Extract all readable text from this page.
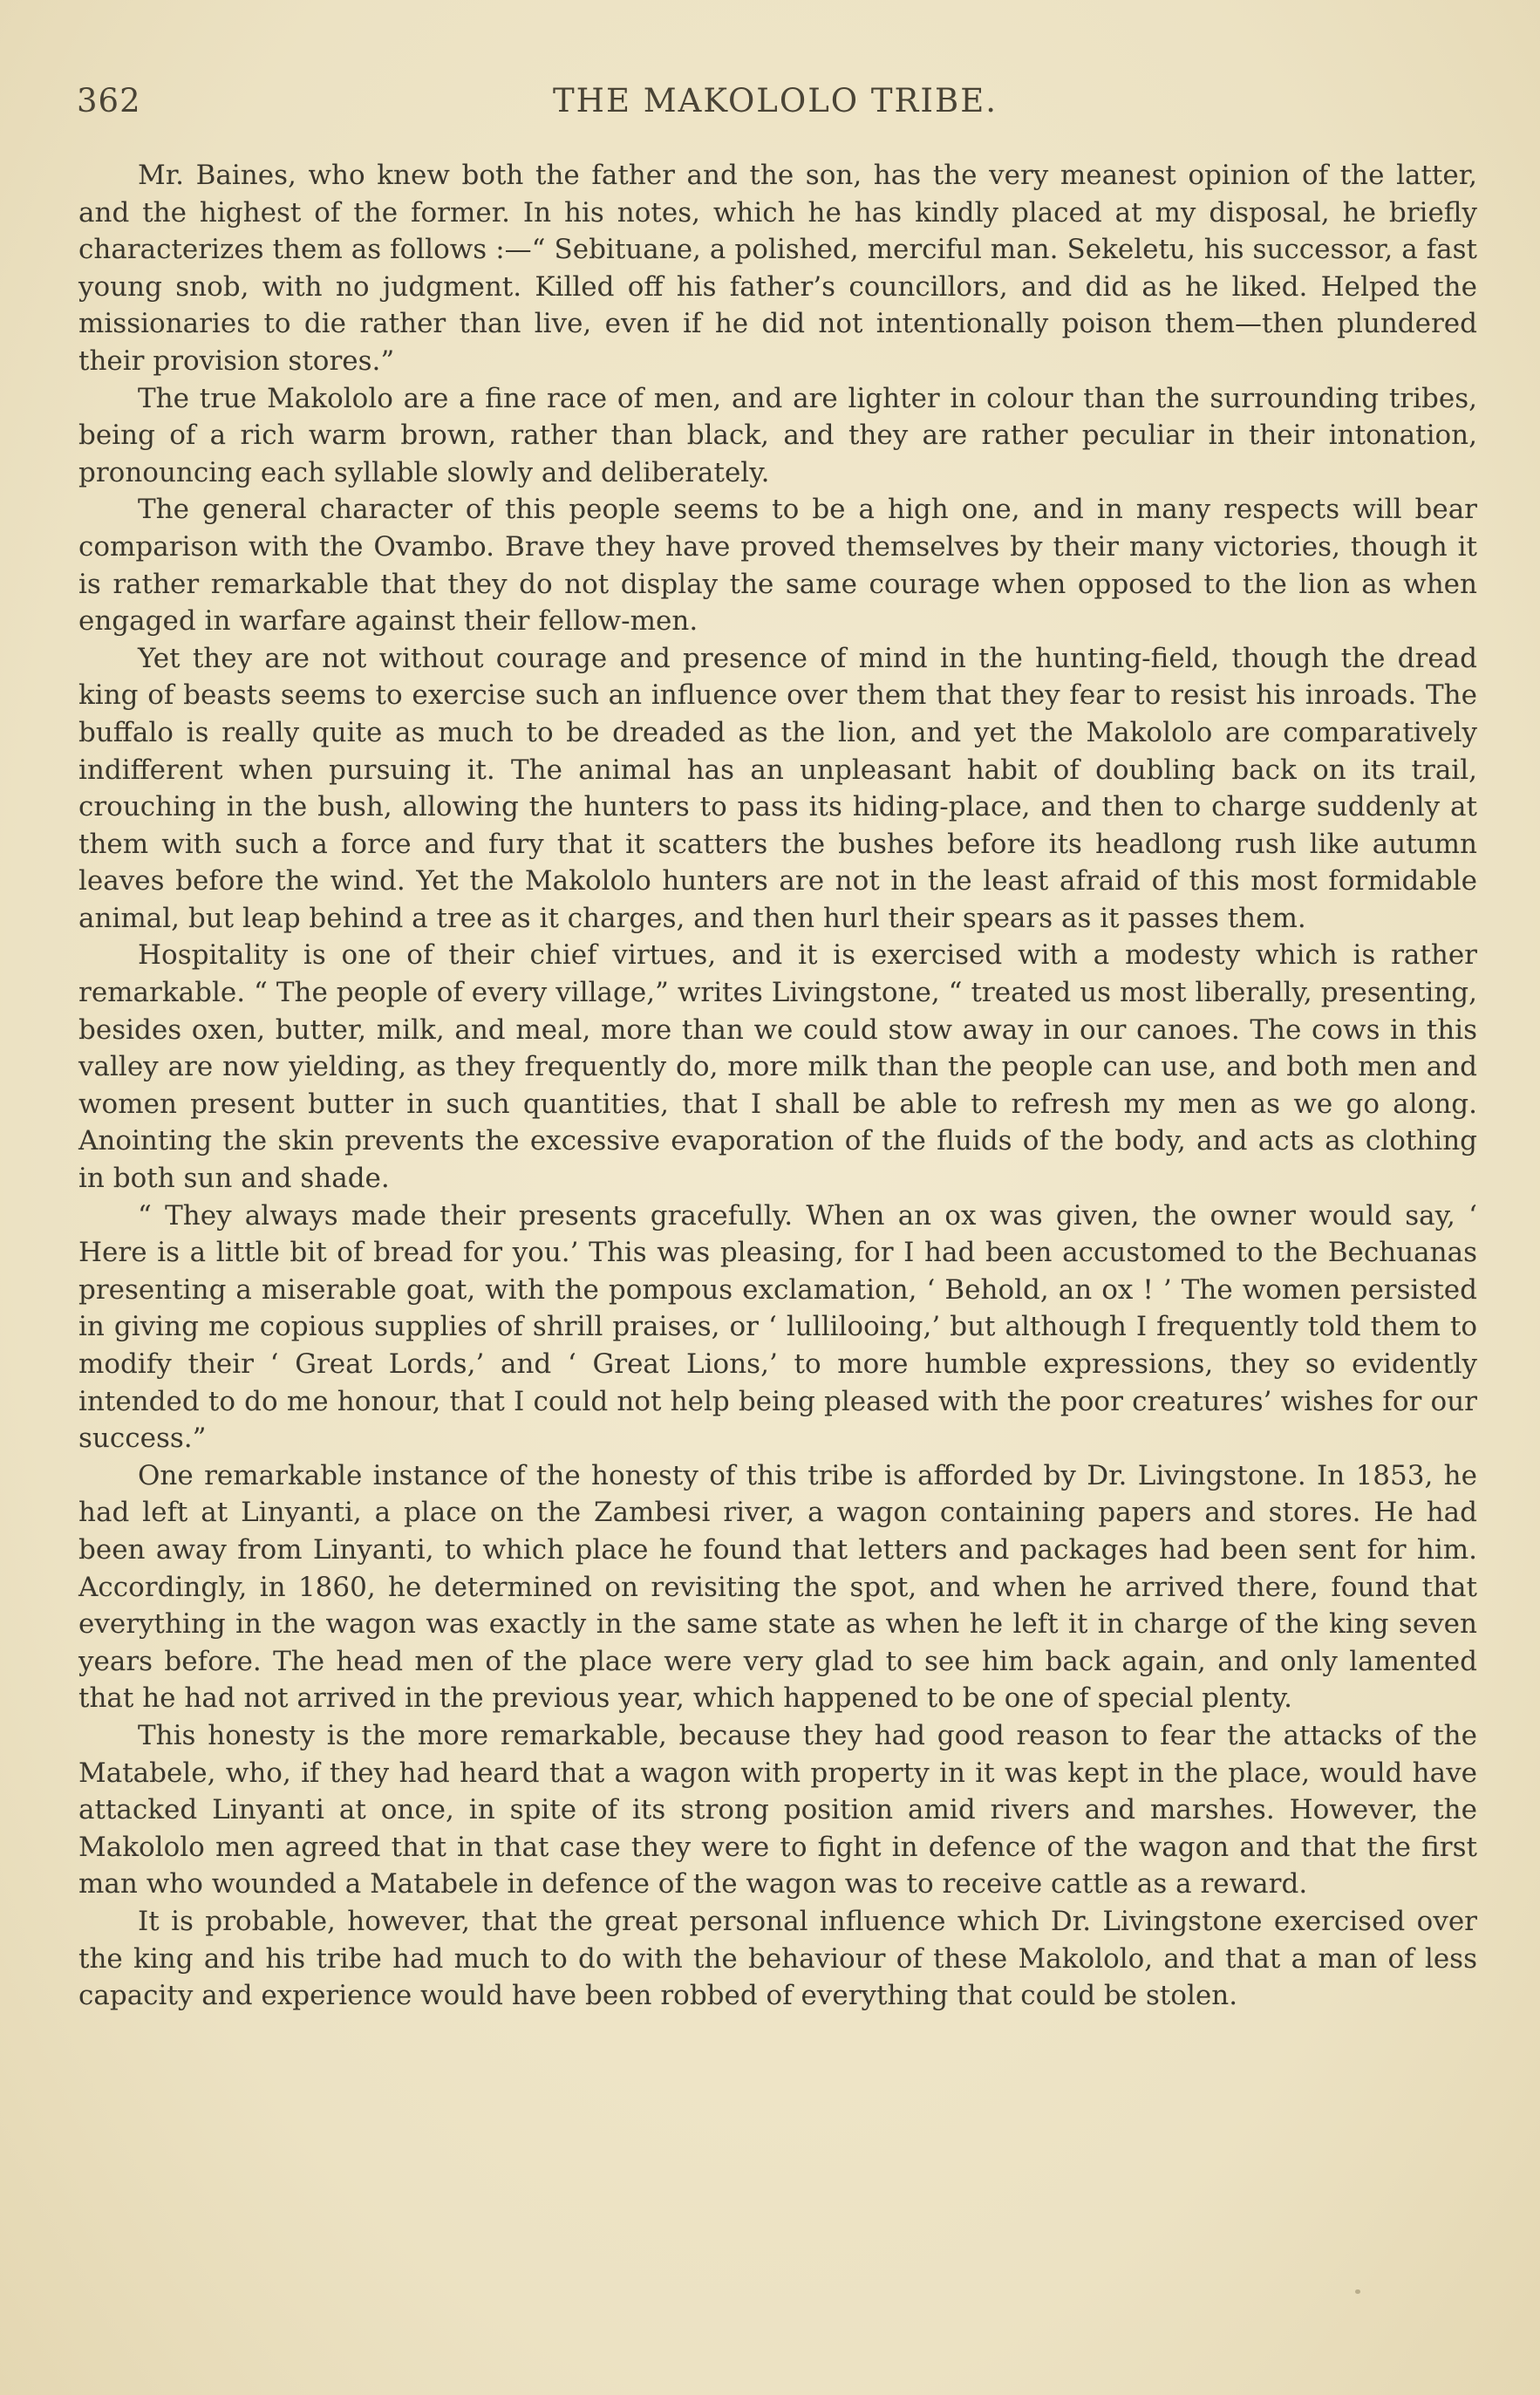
362	THE MAKOLOLO TRIBE.

Mr. Baines, who knew both the father and the son, has the very meanest opinion of the latter, and the highest of the former. In his notes, which he has kindly placed at my disposal, he briefly characterizes them as follows :—“ Sebituane, a polished, merciful man. Sekeletu, his successor, a fast young snob, with no judgment. Killed off his father’s councillors, and did as he liked. Helped the missionaries to die rather than live, even if he did not intentionally poison them—then plundered their provision stores.”

The true Makololo are a fine race of men, and are lighter in colour than the surrounding tribes, being of a rich warm brown, rather than black, and they are rather peculiar in their intonation, pronouncing each syllable slowly and deliberately.

The general character of this people seems to be a high one, and in many respects will bear comparison with the Ovambo. Brave they have proved themselves by their many victories, though it is rather remarkable that they do not display the same courage when opposed to the lion as when engaged in warfare against their fellow-men.

Yet they are not without courage and presence of mind in the hunting-field, though the dread king of beasts seems to exercise such an influence over them that they fear to resist his inroads. The buffalo is really quite as much to be dreaded as the lion, and yet the Makololo are comparatively indifferent when pursuing it. The animal has an unpleasant habit of doubling back on its trail, crouching in the bush, allowing the hunters to pass its hiding-place, and then to charge suddenly at them with such a force and fury that it scatters the bushes before its headlong rush like autumn leaves before the wind. Yet the Makololo hunters are not in the least afraid of this most formidable animal, but leap behind a tree as it charges, and then hurl their spears as it passes them.

Hospitality is one of their chief virtues, and it is exercised with a modesty which is rather remarkable. “ The people of every village,” writes Livingstone, “ treated us most liberally, presenting, besides oxen, butter, milk, and meal, more than we could stow away in our canoes. The cows in this valley are now yielding, as they frequently do, more milk than the people can use, and both men and women present butter in such quantities, that I shall be able to refresh my men as we go along. Anointing the skin prevents the excessive evaporation of the fluids of the body, and acts as clothing in both sun and shade.

“ They always made their presents gracefully. When an ox was given, the owner would say, ‘ Here is a little bit of bread for you.’ This was pleasing, for I had been accustomed to the Bechuanas presenting a miserable goat, with the pompous exclamation, ‘ Behold, an ox ! ’ The women persisted in giving me copious supplies of shrill praises, or ‘ lullilooing,’ but although I frequently told them to modify their ‘ Great Lords,’ and ‘ Great Lions,’ to more humble expressions, they so evidently intended to do me honour, that I could not help being pleased with the poor creatures’ wishes for our success.”

One remarkable instance of the honesty of this tribe is afforded by Dr. Livingstone. In 1853, he had left at Linyanti, a place on the Zambesi river, a wagon containing papers and stores. He had been away from Linyanti, to which place he found that letters and packages had been sent for him. Accordingly, in 1860, he determined on revisiting the spot, and when he arrived there, found that everything in the wagon was exactly in the same state as when he left it in charge of the king seven years before. The head men of the place were very glad to see him back again, and only lamented that he had not arrived in the previous year, which happened to be one of special plenty.

This honesty is the more remarkable, because they had good reason to fear the attacks of the Matabele, who, if they had heard that a wagon with property in it was kept in the place, would have attacked Linyanti at once, in spite of its strong position amid rivers and marshes. However, the Makololo men agreed that in that case they were to fight in defence of the wagon and that the first man who wounded a Matabele in defence of the wagon was to receive cattle as a reward.

It is probable, however, that the great personal influence which Dr. Livingstone exercised over the king and his tribe had much to do with the behaviour of these Makololo, and that a man of less capacity and experience would have been robbed of everything that could be stolen.
